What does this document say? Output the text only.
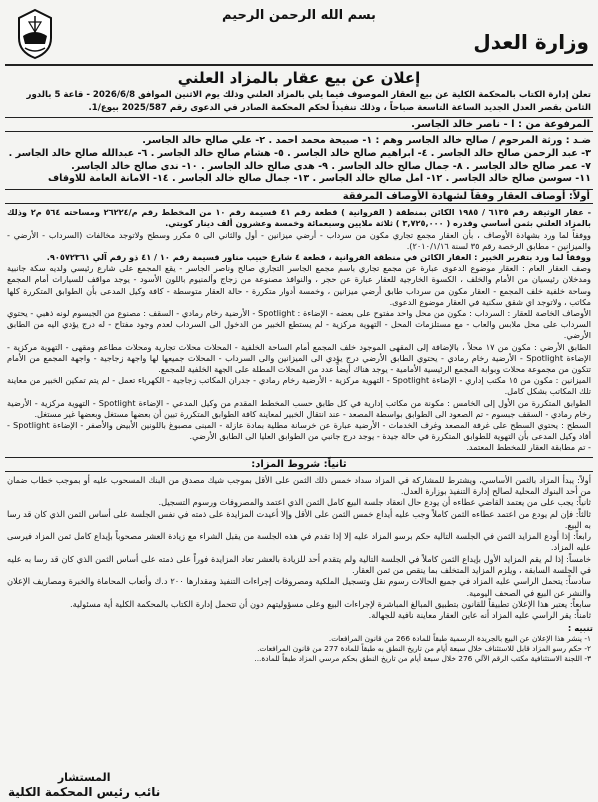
بسم الله الرحمن الرحيم
وزارة العدل
إعلان عن بيع عقار بالمزاد العلني
تعلن إدارة الكتاب بالمحكمة الكلية عن بيع العقار الموصوف فيما يلي بالمزاد العلني وذلك يوم الاثنين الموافق 2026/6/8 - قاعة 5 بالدور الثامن بقصر العدل الجديد الساعة التاسعة صباحاً ، وذلك تنفيذاً لحكم المحكمة الصادر في الدعوى رقم 2025/587 بيوع/1.
المرفوعة من : ا - ناصر خالد الجاسر.
ضـد : ورثة المرحوم / صالح خالد الجاسر وهم : ١- صبيحة محمد احمد . ٢- علي صالح خالد الجاسر.
٣- عبد الرحمن صالح خالد الجاسر . ٤- ابراهيم صالح خالد الجاسر . ٥- هشام صالح خالد الجاسر . ٦- عبدالله صالح خالد الجاسر .
٧- عمر صالح خالد الجاسر . ٨- جمال صالح خالد الجاسر . ٩- هدى صالح خالد الجاسر . ١٠- ندى صالح خالد الجاسر.
١١- سوسن صالح خالد الجاسر . ١٢- امل صالح خالد الجاسر . ١٣- جمال صالح خالد الجاسر . ١٤- الامانة العامة للاوقاف
أولاً: أوصاف العقار وفقاً لشهادة الأوصاف المرفقة
- عقار الوثيقة رقم ٦١٣٥ / ١٩٨٥ الكائن بمنطقة ( الفروانية ) قطعة رقم ٤١ قسيمة رقم ١٠ من المخطط رقم م/٢٦٢٢٤ ومساحته ٥٦٤ م٢ وذلك بالمزاد العلني بثمن أساسي وقدره ( ٣,٧٢٥,٠٠٠ ) ثلاثة ملايين وسبعمائة وخمسة وعشرون ألف دينار كويتي.
ووفقاً لما ورد بشهادة الأوصاف ، بأن العقار مجمع تجاري مكون من سرداب - أرضي ميزانين - أول والثاني الى ٥ مكرر وسطح ولاتوجد مخالفات (السرداب - الأرضي - والميزانين - مطابق الرخصة رقم ٣٥ لسنة ٢٠١٠/١/١٦).
ووفقاً لما ورد بتقرير الخبير : العقار الكائن في منطقة الفروانية ، قطعة ٤ شارع حبيب مناور قسيمة رقم ١٠ / ٤١ ذو رقم آلي ٩٠٥٧٢٣٦١.
وصف العقار العام : العقار موضوع الدعوى عبارة عن مجمع تجاري باسم مجمع الجاسر التجاري صالح وناصر الجاسر - يقع المجمع على شارع رئيسي ولديه سكة جانبية ومدخلان رئيسيان من الأمام والخلف ، الكسوة الخارجية للعقار عبارة عن حجر ، والنوافذ مصنوعة من زجاج وألمنيوم باللون الأسود - يوجد مواقف للسيارات أمام المجمع وساحة خلفية خلف المجمع - العقار مكون من سرداب طابق أرضي ميزانين ، وخمسة أدوار متكررة - حالة العقار متوسطة - كافة وكيل المدعى بأن الطوابق المتكررة كلها مكاتب ، ولاتوجد اي شقق سكنية في العقار موضوع الدعوى.
الأوصاف الخاصة للعقار : السرداب : مكون من محل واحد مفتوح على بعضه - الإضاءة : Spotlight - الأرضية رخام رمادي - السقف : مصنوع من الجبسوم لونه ذهبي - يحتوي السرداب على محل ملابس والعاب - مع مستلزمات المحل - التهوية مركزية - لم يستطع الخبير من الدخول الى السرداب لعدم وجود مفتاح - له درج يؤدي اليه من الطابق الأرضي.
الطابق الأرضي : مكون من ١٧ محلاً ، بالإضافة إلى المقهى الموجود خلف المجمع أمام الساحة الخلفية - المحلات محلات تجارية ومحلات مطاعم ومقهى - التهوية مركزية - الإضاءة Spotlight - الأرضية رخام رمادي - يحتوي الطابق الأرضي درج يؤدي الى الميزانين والى السرداب - المحلات جميعها لها واجهة زجاجية - واجهة المجمع من الأمام تتكون من مجموعة محلات وبوابة المجمع الرئيسية الأمامية - يوجد هناك أيضاً عدد من المحلات المطلة على الجهة الخلفية للمجمع.
الميزانين : مكون من ١٥ مكتب إداري - الإضاءة Spotlight - التهوية مركزية - الأرضية رخام رمادي - جدران المكاتب زجاجية - الكهرباء تعمل - لم يتم تمكين الخبير من معاينة تلك المكاتب بشكل كامل.
الطوابق المتكررة من الأول إلى الخامس : مكونة من مكاتب إدارية في كل طابق حسب المخطط المقدم من وكيل المدعي - الإضاءة Spotlight - التهوية مركزية - الأرضية رخام رمادي - السقف جبسوم - تم الصعود الى الطوابق بواسطة المصعد - عند انتقال الخبير لمعاينة كافة الطوابق المتكررة تبين أن بعضها مستغل وبعضها غير مستغل.
السطح : يحتوي السطح على غرفة المصعد وغرف الخدمات - الأرضية عبارة عن خرسانة مطلية بمادة عازلة - المبنى مصبوغ باللونين الأبيض والأصفر - الإضاءة Spotlight - أفاد وكيل المدعى بأن التهوية للطوابق المتكررة في حالة جيدة - يوجد درج جانبي من الطوابق العليا الى الطابق الأرضي.
- تم مطابقة العقار للمخطط المعتمد.
ثانياً: شروط المزاد:
أولاً: يبدأ المزاد بالثمن الأساسي، ويشترط للمشاركة في المزاد سداد خمس ذلك الثمن على الأقل بموجب شيك مصدق من البنك المسحوب عليه أو بموجب خطاب ضمان من أحد البنوك المحلية لصالح إدارة التنفيذ بوزارة العدل.
ثانياً: يجب على من يعتمد القاضي عطاءه أن يودع حال انعقاد جلسة البيع كامل الثمن الذي اعتمد والمصروفات ورسوم التسجيل.
ثالثاً: فإن لم يودع من اعتمد عطاءه الثمن كاملاً وجب عليه أيداع خمس الثمن على الأقل وإلا أعيدت المزايدة على ذمته في نفس الجلسة على أساس الثمن الذي كان قد رسا به البيع.
رابعاً: إذا أودع المزايد الثمن في الجلسة التالية حكم برسو المزاد عليه إلا إذا تقدم في هذه الجلسة من يقبل الشراء مع زيادة العشر مصحوباً بإيداع كامل ثمن المزاد فيرسى عليه المزاد.
خامساً: إذا لم يقم المزايد الأول بإيداع الثمن كاملاً في الجلسة التالية ولم يتقدم أحد للزيادة بالعشر تعاد المزايدة فوراً على ذمته على أساس الثمن الذي كان قد رسا به عليه في الجلسة السابقة ، ويلزم المزايد المتخلف بما ينقص من ثمن العقار.
سادساً: يتحمل الراسي عليه المزاد في جميع الحالات رسوم نقل وتسجيل الملكية ومصروفات إجراءات التنفيذ ومقدارها ٢٠٠ د.ك وأتعاب المحاماة والخبرة ومصاريف الإعلان والنشر عن البيع في الصحف اليومية.
سابعاً: يعتبر هذا الإعلان تطبيقاً للقانون بتطبيق المبالغ المباشرة لإجراءات البيع وعلى مسؤوليتهم دون أن تتحمل إدارة الكتاب بالمحكمة الكلية أية مسئولية.
ثامناً: يقر الراسي عليه المزاد أنه عاين العقار معاينة نافية للجهالة.
تنبيه :
١- ينشر هذا الإعلان عن البيع بالجريدة الرسمية طبقاً للمادة 266 من قانون المرافعات.
٢- حكم رسو المزاد قابل للاستئناف خلال سبعة أيام من تاريخ النطق به طبقاً للمادة 277 من قانون المرافعات.
٣- اللجنة الاستئنافية مكتب الرقم الآلي 276 خلال سبعة أيام من تاريخ النطق بحكم مرسي المزاد طبقاً للمادة...
المستشار
نائب رئيس المحكمة الكلية
